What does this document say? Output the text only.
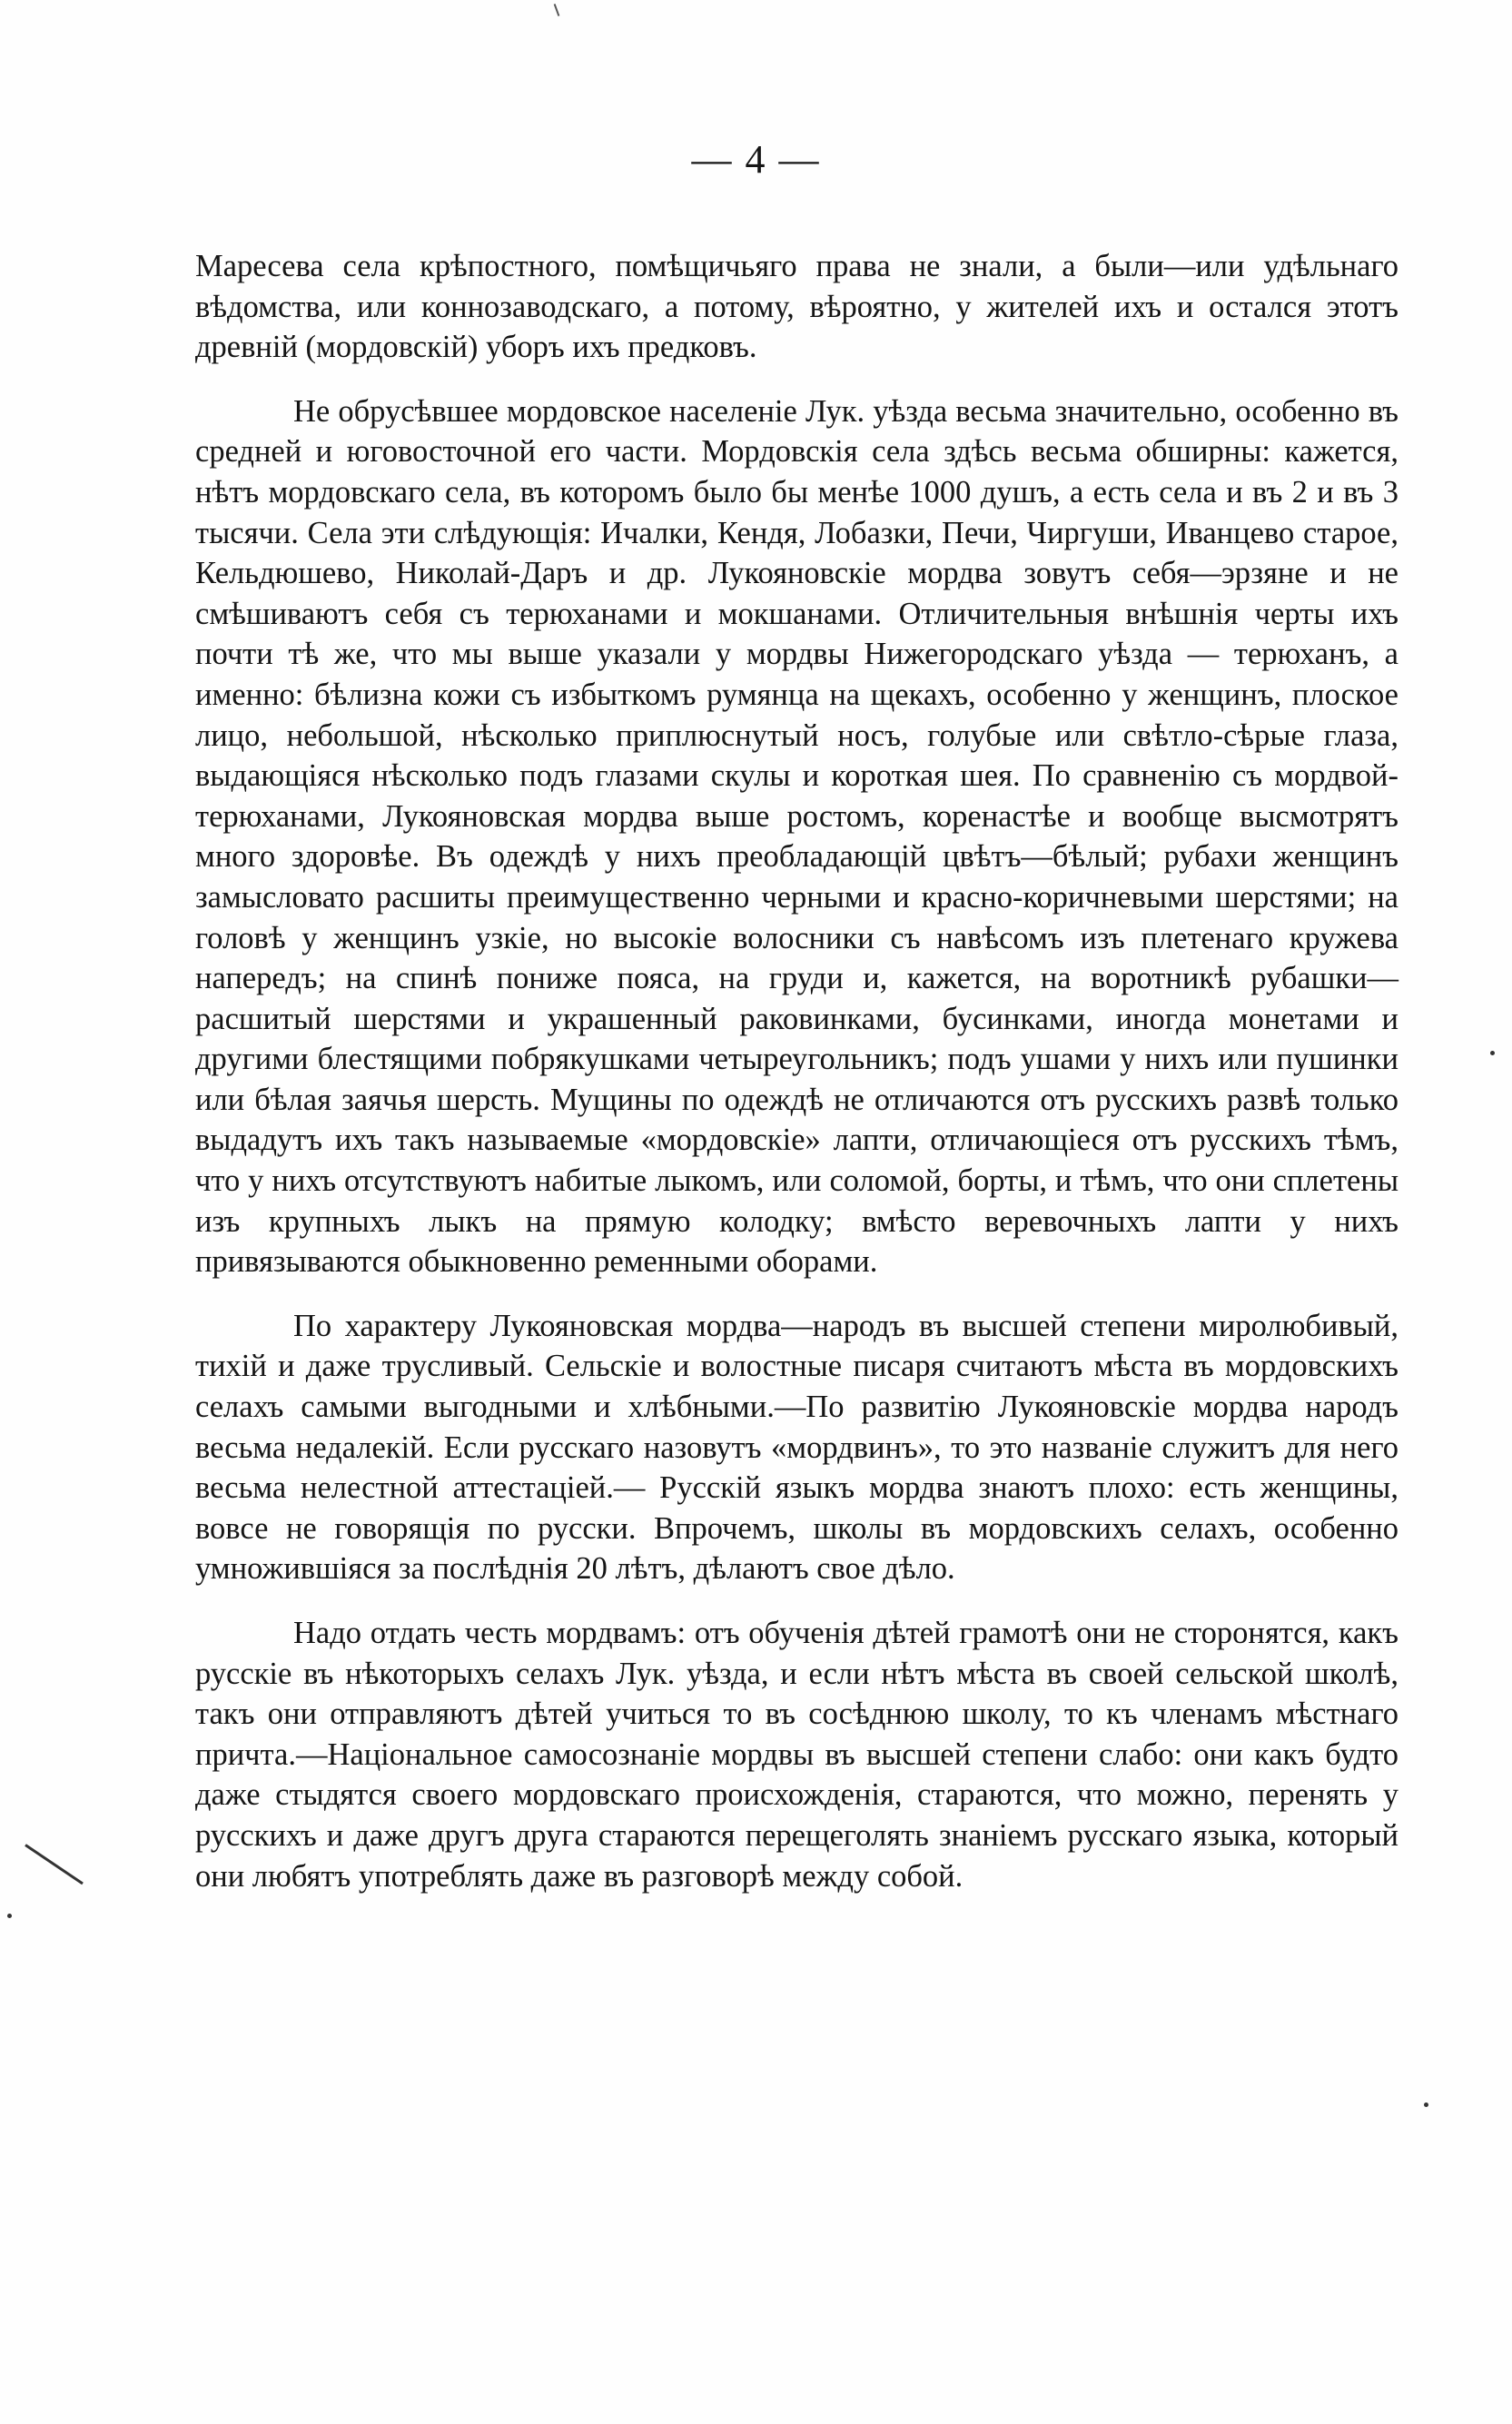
— 4 —

Маресева села крѣпостного, помѣщичьяго права не знали, а были—или удѣльнаго вѣдомства, или коннозаводскаго, а потому, вѣроятно, у жителей ихъ и остался этотъ древній (мордовскій) уборъ ихъ предковъ.

Не обрусѣвшее мордовское населеніе Лук. уѣзда весьма значительно, особенно въ средней и юговосточной его части. Мордовскія села здѣсь весьма обширны: кажется, нѣтъ мордовскаго села, въ которомъ было бы менѣе 1000 душъ, а есть села и въ 2 и въ 3 тысячи. Села эти слѣдующія: Ичалки, Кендя, Лобазки, Печи, Чиргуши, Иванцево старое, Кельдюшево, Николай-Даръ и др. Лукояновскіе мордва зовутъ себя—эрзяне и не смѣшиваютъ себя съ терюханами и мокшанами. Отличительныя внѣшнія черты ихъ почти тѣ же, что мы выше указали у мордвы Нижегородскаго уѣзда — терюханъ, а именно: бѣлизна кожи съ избыткомъ румянца на щекахъ, особенно у женщинъ, плоское лицо, небольшой, нѣсколько приплюснутый носъ, голубые или свѣтло-сѣрые глаза, выдающіяся нѣсколько подъ глазами скулы и короткая шея. По сравненію съ мордвой-терюханами, Лукояновская мордва выше ростомъ, коренастѣе и вообще высмотрятъ много здоровѣе. Въ одеждѣ у нихъ преобладающій цвѣтъ—бѣлый; рубахи женщинъ замысловато расшиты преимущественно черными и красно-коричневыми шерстями; на головѣ у женщинъ узкіе, но высокіе волосники съ навѣсомъ изъ плетенаго кружева напередъ; на спинѣ пониже пояса, на груди и, кажется, на воротникѣ рубашки—расшитый шерстями и украшенный раковинками, бусинками, иногда монетами и другими блестящими побрякушками четыреугольникъ; подъ ушами у нихъ или пушинки или бѣлая заячья шерсть. Мущины по одеждѣ не отличаются отъ русскихъ развѣ только выдадутъ ихъ такъ называемые «мордовскіе» лапти, отличающіеся отъ русскихъ тѣмъ, что у нихъ отсутствуютъ набитые лыкомъ, или соломой, борты, и тѣмъ, что они сплетены изъ крупныхъ лыкъ на прямую колодку; вмѣсто веревочныхъ лапти у нихъ привязываются обыкновенно ременными оборами.

По характеру Лукояновская мордва—народъ въ высшей степени миролюбивый, тихій и даже трусливый. Сельскіе и волостные писаря считаютъ мѣста въ мордовскихъ селахъ самыми выгодными и хлѣбными.—По развитію Лукояновскіе мордва народъ весьма недалекій. Если русскаго назовутъ «мордвинъ», то это названіе служитъ для него весьма нелестной аттестаціей.— Русскій языкъ мордва знаютъ плохо: есть женщины, вовсе не говорящія по русски. Впрочемъ, школы въ мордовскихъ селахъ, особенно умножившіяся за послѣднія 20 лѣтъ, дѣлаютъ свое дѣло.

Надо отдать честь мордвамъ: отъ обученія дѣтей грамотѣ они не сторонятся, какъ русскіе въ нѣкоторыхъ селахъ Лук. уѣзда, и если нѣтъ мѣста въ своей сельской школѣ, такъ они отправляютъ дѣтей учиться то въ сосѣднюю школу, то къ членамъ мѣстнаго причта.—Національное самосознаніе мордвы въ высшей степени слабо: они какъ будто даже стыдятся своего мордовскаго происхожденія, стараются, что можно, перенять у русскихъ и даже другъ друга стараются перещеголять знаніемъ русскаго языка, который они любятъ употреблять даже въ разговорѣ между собой.
